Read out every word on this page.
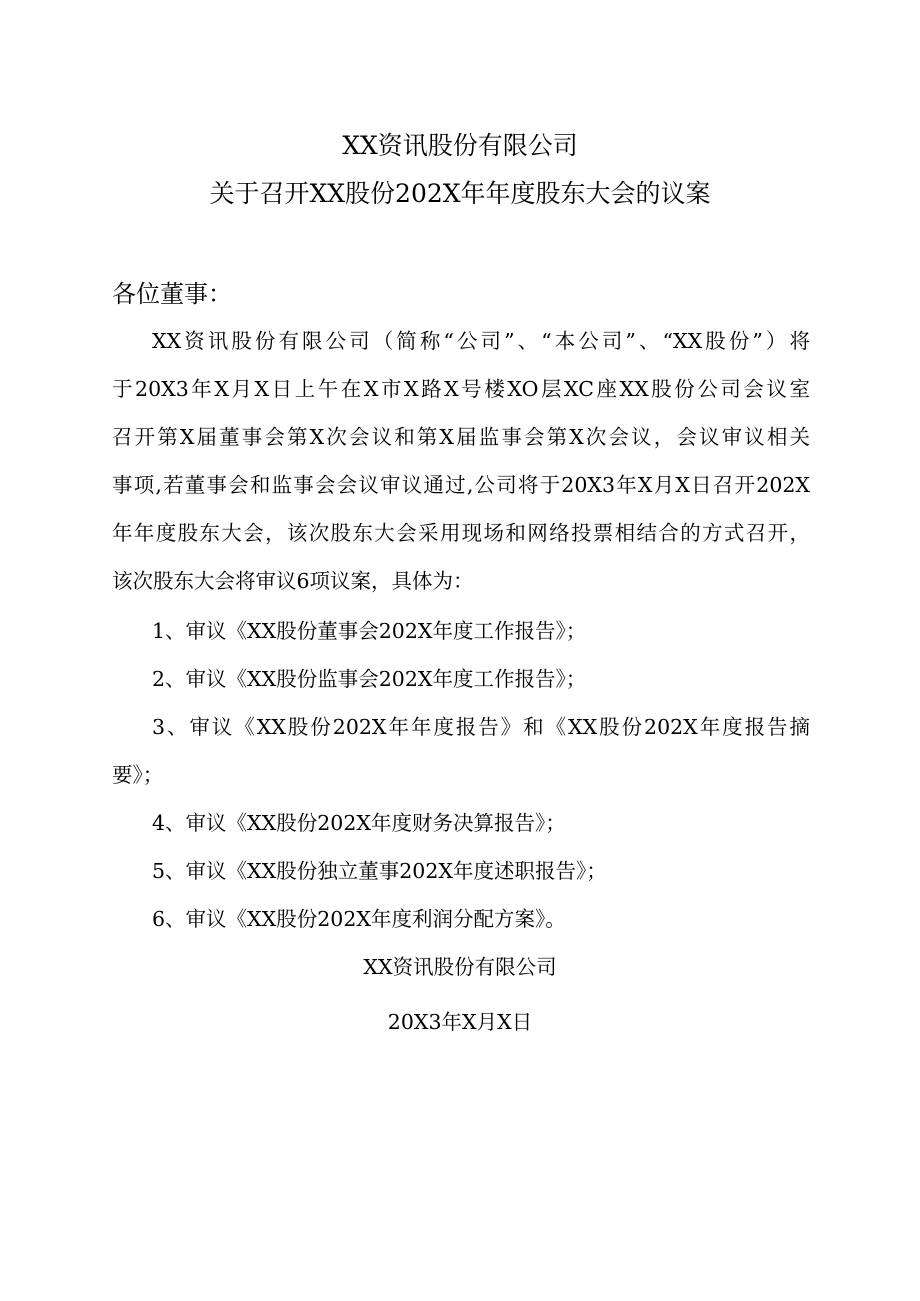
XX资讯股份有限公司
关于召开XX股份202X年年度股东大会的议案
各位董事：
XX资讯股份有限公司（简称“公司”、“本公司”、“XX股份”）将
于20X3年X月X日上午在X市X路X号楼XO层XC座XX股份公司会议室
召开第X届董事会第X次会议和第X届监事会第X次会议，会议审议相关
事项,若董事会和监事会会议审议通过,公司将于20X3年X月X日召开202X
年年度股东大会，该次股东大会采用现场和网络投票相结合的方式召开，
该次股东大会将审议6项议案，具体为：
1、审议《XX股份董事会202X年度工作报告》；
2、审议《XX股份监事会202X年度工作报告》；
3、审议《XX股份202X年年度报告》和《XX股份202X年度报告摘
要》；
4、审议《XX股份202X年度财务决算报告》；
5、审议《XX股份独立董事202X年度述职报告》；
6、审议《XX股份202X年度利润分配方案》。
XX资讯股份有限公司
20X3年X月X日
